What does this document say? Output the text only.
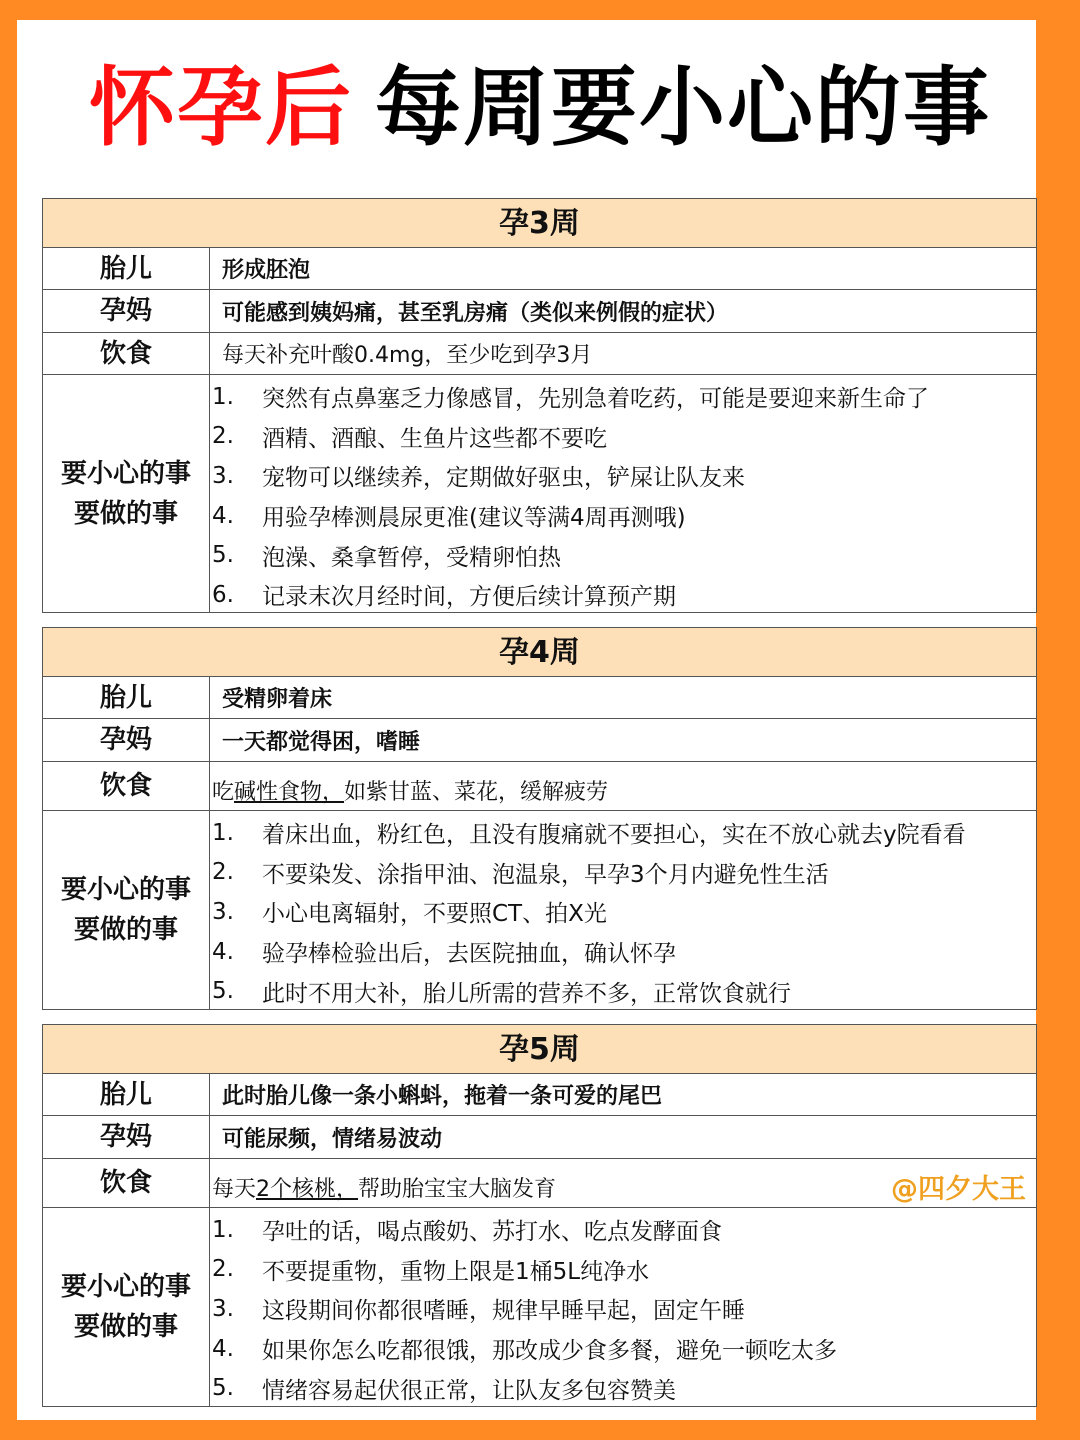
怀孕后 每周要小心的事
孕3周
胎儿	形成胚泡
孕妈	可能感到姨妈痛，甚至乳房痛（类似来例假的症状）
饮食	每天补充叶酸0.4mg，至少吃到孕3月
要小心的事
要做的事
1.	突然有点鼻塞乏力像感冒，先别急着吃药，可能是要迎来新生命了
2.	酒精、酒酿、生鱼片这些都不要吃
3.	宠物可以继续养，定期做好驱虫，铲屎让队友来
4.	用验孕棒测晨尿更准(建议等满4周再测哦)
5.	泡澡、桑拿暂停，受精卵怕热
6.	记录末次月经时间，方便后续计算预产期
孕4周
胎儿	受精卵着床
孕妈	一天都觉得困，嗜睡
饮食	吃 碱性食物， 如紫甘蓝、菜花，缓解疲劳
要小心的事
要做的事
1.	着床出血，粉红色，且没有腹痛就不要担心，实在不放心就去y院看看
2.	不要染发、涂指甲油、泡温泉，早孕3个月内避免性生活
3.	小心电离辐射，不要照CT、拍X光
4.	验孕棒检验出后，去医院抽血，确认怀孕
5.	此时不用大补，胎儿所需的营养不多，正常饮食就行
孕5周
胎儿	此时胎儿像一条小蝌蚪，拖着一条可爱的尾巴
孕妈	可能尿频，情绪易波动
饮食	每天 2个核桃， 帮助胎宝宝大脑发育	@四夕大王
要小心的事
要做的事
1.	孕吐的话，喝点酸奶、苏打水、吃点发酵面食
2.	不要提重物，重物上限是1桶5L纯净水
3.	这段期间你都很嗜睡，规律早睡早起，固定午睡
4.	如果你怎么吃都很饿，那改成少食多餐，避免一顿吃太多
5.	情绪容易起伏很正常，让队友多包容赞美
